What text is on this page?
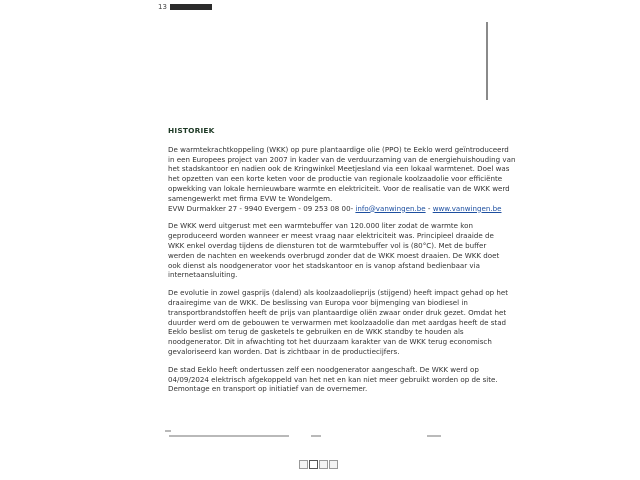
13
HISTORIEK
De warmtekrachtkoppeling (WKK) op pure plantaardige olie (PPO) te Eeklo werd geïntroduceerd
in een Europees project van 2007 in kader van de verduurzaming van de energiehuishouding van
het stadskantoor en nadien ook de Kringwinkel Meetjesland via een lokaal warmtenet. Doel was
het opzetten van een korte keten voor de productie van regionale koolzaadolie voor efficiënte
opwekking van lokale hernieuwbare warmte en elektriciteit. Voor de realisatie van de WKK werd
samengewerkt met firma EVW te Wondelgem.
EVW Durmakker 27 - 9940 Evergem - 09 253 08 00- info@vanwingen.be - www.vanwingen.be
De WKK werd uitgerust met een warmtebuffer van 120.000 liter zodat de warmte kon
geproduceerd worden wanneer er meest vraag naar elektriciteit was. Principieel draaide de
WKK enkel overdag tijdens de diensturen tot de warmtebuffer vol is (80°C). Met de buffer
werden de nachten en weekends overbrugd zonder dat de WKK moest draaien. De WKK doet
ook dienst als noodgenerator voor het stadskantoor en is vanop afstand bedienbaar via
internetaansluiting.
De evolutie in zowel gasprijs (dalend) als koolzaadolieprijs (stijgend) heeft impact gehad op het
draairegime van de WKK. De beslissing van Europa voor bijmenging van biodiesel in
transportbrandstoffen heeft de prijs van plantaardige oliën zwaar onder druk gezet. Omdat het
duurder werd om de gebouwen te verwarmen met koolzaadolie dan met aardgas heeft de stad
Eeklo beslist om terug de gasketels te gebruiken en de WKK standby te houden als
noodgenerator. Dit in afwachting tot het duurzaam karakter van de WKK terug economisch
gevaloriseerd kan worden. Dat is zichtbaar in de productiecijfers.
De stad Eeklo heeft ondertussen zelf een noodgenerator aangeschaft. De WKK werd op
04/09/2024 elektrisch afgekoppeld van het net en kan niet meer gebruikt worden op de site.
Demontage en transport op initiatief van de overnemer.
